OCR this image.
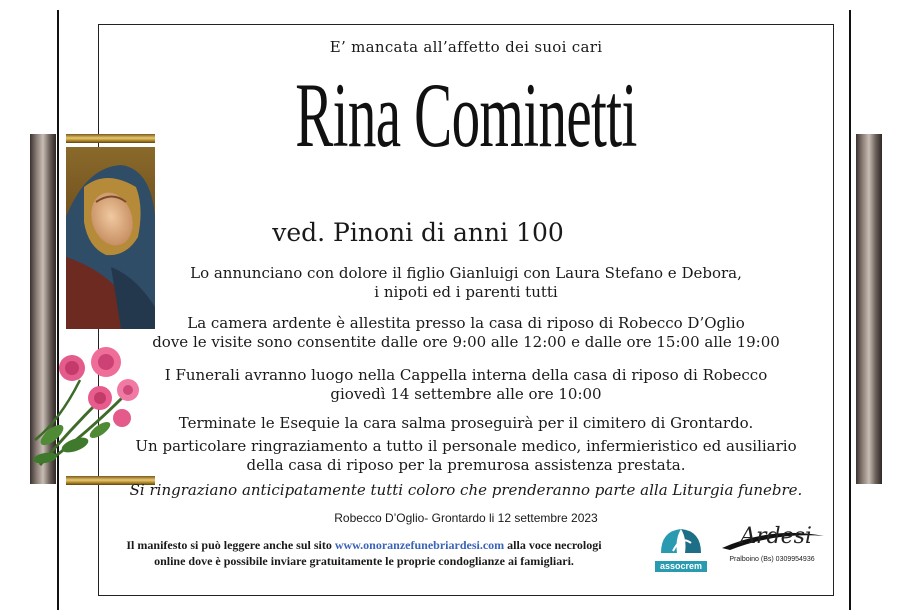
E’ mancata all’affetto dei suoi cari
Rina Cominetti
ved. Pinoni di anni 100
Lo annunciano con dolore il figlio Gianluigi con Laura Stefano e Debora,
i nipoti ed i parenti tutti
La camera ardente è allestita presso la casa di riposo di Robecco D’Oglio
dove le visite sono consentite dalle ore 9:00 alle 12:00 e dalle ore 15:00 alle 19:00
I Funerali avranno luogo nella Cappella interna della casa di riposo di Robecco
giovedì 14 settembre alle ore 10:00
Terminate le Esequie la cara salma proseguirà per il cimitero di Grontardo.
Un particolare ringraziamento a tutto il personale medico, infermieristico ed ausiliario
della casa di riposo per la premurosa assistenza prestata.
Si ringraziano anticipatamente tutti coloro che prenderanno parte alla Liturgia funebre.
Robecco D’Oglio- Grontardo li 12 settembre 2023
Il manifesto si può leggere anche sul sito www.onoranzefunebriardesi.com alla voce necrologi
online dove è possibile inviare gratuitamente le proprie condoglianze ai famigliari.	assocrem
Ardesi
Pralboino (Bs) 0309954936
